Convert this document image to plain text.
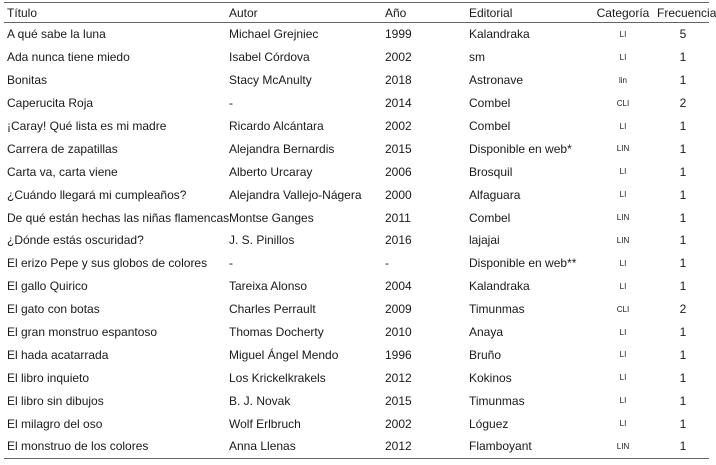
Título	Autor	Año	Editorial	Categoría	Frecuencia
A qué sabe la luna	Michael Grejniec	1999	Kalandraka	LI	5
Ada nunca tiene miedo	Isabel Córdova	2002	sm	LI	1
Bonitas	Stacy McAnulty	2018	Astronave	lin	1
Caperucita Roja	-	2014	Combel	CLI	2
¡Caray! Qué lista es mi madre	Ricardo Alcántara	2002	Combel	LI	1
Carrera de zapatillas	Alejandra Bernardis	2015	Disponible en web*	LIN	1
Carta va, carta viene	Alberto Urcaray	2006	Brosquil	LI	1
¿Cuándo llegará mi cumpleaños?	Alejandra Vallejo-Nágera	2000	Alfaguara	LI	1
De qué están hechas las niñas flamencas	Montse Ganges	2011	Combel	LIN	1
¿Dónde estás oscuridad?	J. S. Pinillos	2016	lajajai	LIN	1
El erizo Pepe y sus globos de colores	-	-	Disponible en web**	LI	1
El gallo Quirico	Tareixa Alonso	2004	Kalandraka	LI	1
El gato con botas	Charles Perrault	2009	Timunmas	CLI	2
El gran monstruo espantoso	Thomas Docherty	2010	Anaya	LI	1
El hada acatarrada	Miguel Ángel Mendo	1996	Bruño	LI	1
El libro inquieto	Los Krickelkrakels	2012	Kokinos	LI	1
El libro sin dibujos	B. J. Novak	2015	Timunmas	LI	1
El milagro del oso	Wolf Erlbruch	2002	Lóguez	LI	1
El monstruo de los colores	Anna Llenas	2012	Flamboyant	LIN	1
